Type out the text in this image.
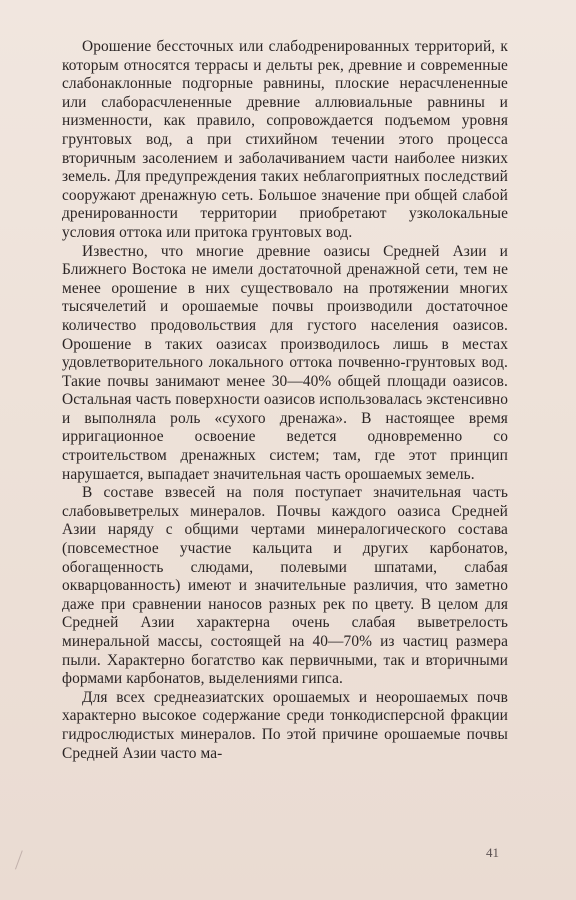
Орошение бессточных или слабодренированных территорий, к которым относятся террасы и дельты рек, древние и современные слабонаклонные подгорные равнины, плоские нерасчлененные или слаборасчлененные древние аллювиальные равнины и низменности, как правило, сопровождается подъемом уровня грунтовых вод, а при стихийном течении этого процесса вторичным засолением и заболачиванием части наиболее низких земель. Для предупреждения таких неблагоприятных последствий сооружают дренажную сеть. Большое значение при общей слабой дренированности территории приобретают узколокальные условия оттока или притока грунтовых вод.

Известно, что многие древние оазисы Средней Азии и Ближнего Востока не имели достаточной дренажной сети, тем не менее орошение в них существовало на протяжении многих тысячелетий и орошаемые почвы производили достаточное количество продовольствия для густого населения оазисов. Орошение в таких оазисах производилось лишь в местах удовлетворительного локального оттока почвенно-грунтовых вод. Такие почвы занимают менее 30—40% общей площади оазисов. Остальная часть поверхности оазисов использовалась экстенсивно и выполняла роль «сухого дренажа». В настоящее время ирригационное освоение ведется одновременно со строительством дренажных систем; там, где этот принцип нарушается, выпадает значительная часть орошаемых земель.

В составе взвесей на поля поступает значительная часть слабовыветрелых минералов. Почвы каждого оазиса Средней Азии наряду с общими чертами минералогического состава (повсеместное участие кальцита и других карбонатов, обогащенность слюдами, полевыми шпатами, слабая окварцованность) имеют и значительные различия, что заметно даже при сравнении наносов разных рек по цвету. В целом для Средней Азии характерна очень слабая выветрелость минеральной массы, состоящей на 40—70% из частиц размера пыли. Характерно богатство как первичными, так и вторичными формами карбонатов, выделениями гипса.

Для всех среднеазиатских орошаемых и неорошаемых почв характерно высокое содержание среди тонкодисперсной фракции гидрослюдистых минералов. По этой причине орошаемые почвы Средней Азии часто ма-

41
